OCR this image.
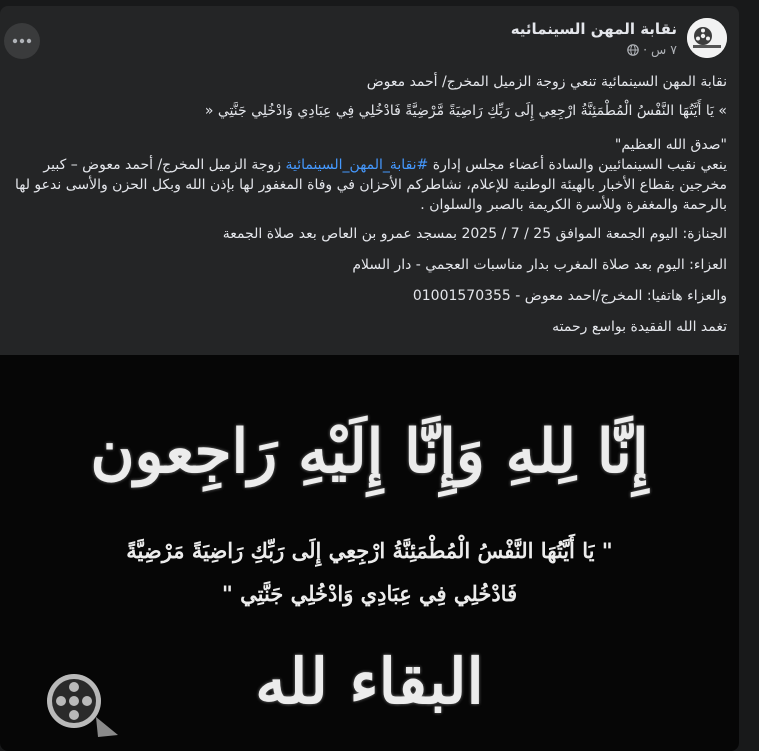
نقابة المهن السينمائيه
٧ س
·

نقابة المهن السينمائية تنعي زوجة الزميل المخرج/ أحمد معوض

» يَا أَيَّتُهَا النَّفْسُ الْمُطْمَئِنَّةُ ارْجِعِي إِلَى رَبِّكِ رَاضِيَةً مَّرْضِيَّةً فَادْخُلِي فِي عِبَادِي وَادْخُلِي جَنَّتِي «

"صدق الله العظيم"

ينعي نقيب السينمائيين والسادة أعضاء مجلس إدارة #نقابة_المهن_السينمائية زوجة الزميل المخرج/ أحمد معوض – كبير مخرجين بقطاع الأخبار بالهيئة الوطنية للإعلام، نشاطركم الأحزان في وفاة المغفور لها بإذن الله وبكل الحزن والأسى ندعو لها بالرحمة والمغفرة وللأسرة الكريمة بالصبر والسلوان .

الجنازة: اليوم الجمعة الموافق 25 / 7 / 2025 بمسجد عمرو بن العاص بعد صلاة الجمعة

العزاء: اليوم بعد صلاة المغرب بدار مناسبات العجمي - دار السلام

والعزاء هاتفيا: المخرج/احمد معوض - 01001570355

تغمد الله الفقيدة بواسع رحمته

إِنَّا لِلهِ وَإِنَّا إِلَيْهِ رَاجِعون
" يَا أَيَّتُهَا النَّفْسُ الْمُطْمَئِنَّةُ ارْجِعِي إِلَى رَبِّكِ رَاضِيَةً مَرْضِيَّةً
فَادْخُلِي فِي عِبَادِي وَادْخُلِي جَنَّتِي "
البقاء لله
